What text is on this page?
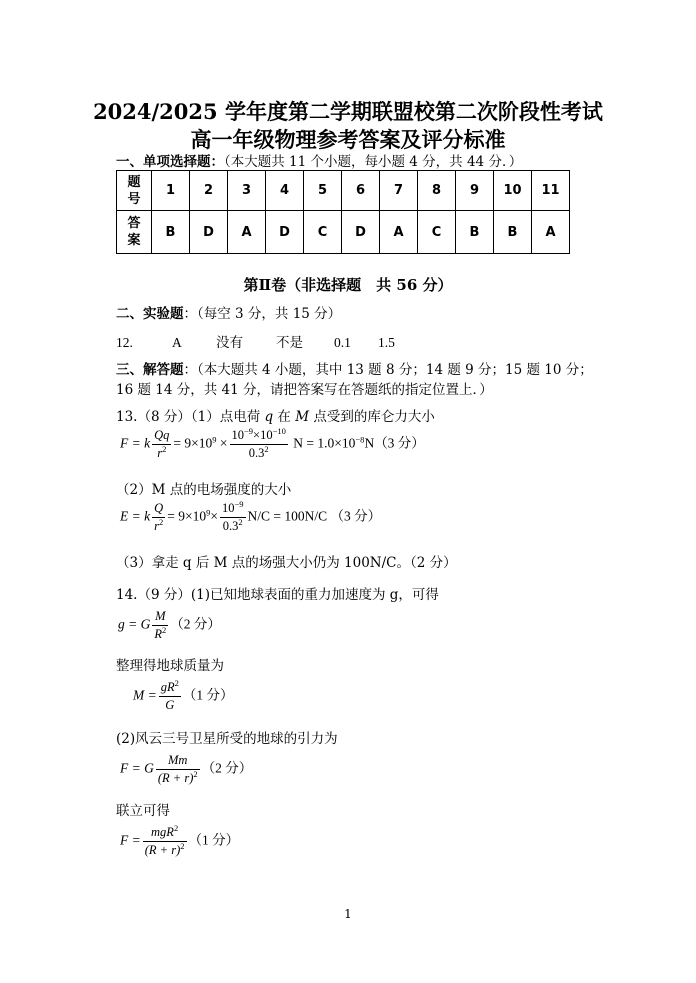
2024/2025 学年度第二学期联盟校第二次阶段性考试
高一年级物理参考答案及评分标准
一、单项选择题：（本大题共 11 个小题，每小题 4 分，共 44 分．）
题
号	1	2	3	4	5	6	7	8	9	10	11
答
案	B	D	A	D	C	D	A	C	B	B	A
第Ⅱ卷（非选择题　共 56 分）
二、实验题：（每空 3 分，共 15 分）
12.	A	没有 不是 0.1 1.5
三、解答题：（本大题共 4 小题，其中 13 题 8 分；14 题 9 分；15 题 10 分；
16 题 14 分，共 41 分，请把答案写在答题纸的指定位置上．）
13.（8 分）（1）点电荷 q 在 M 点受到的库仑力大小
F = k $\frac{Qq}{r^2} = 9\times 10^9 \times \frac{10^{-9}\times 10^{-10}}{0.3^2}$ $N = 1.0\times 10^{-8}N(3$ 分）
（2）M 点的电场强度的大小
E = k $\frac{Q}{r^2} = 9\times 10^9\times \frac{10^{-9}}{0.3^2} N/C = 100N/C$ （3 分）
（3）拿走 q 后 M 点的场强大小仍为 100N/C。（2 分）
14.（9 分）(1)已知地球表面的重力加速度为 g，可得
g = G $\frac{M}{R^2} (2$ 分）
整理得地球质量为
$M = \frac{gR^2}{G} (1$ 分）
(2)风云三号卫星所受的地球的引力为
F = G $\frac{Mm}{(R + r)^2} (2$ 分）
联立可得
$F = \frac{mgR^2}{(R + r)^2} (1$ 分）
1
